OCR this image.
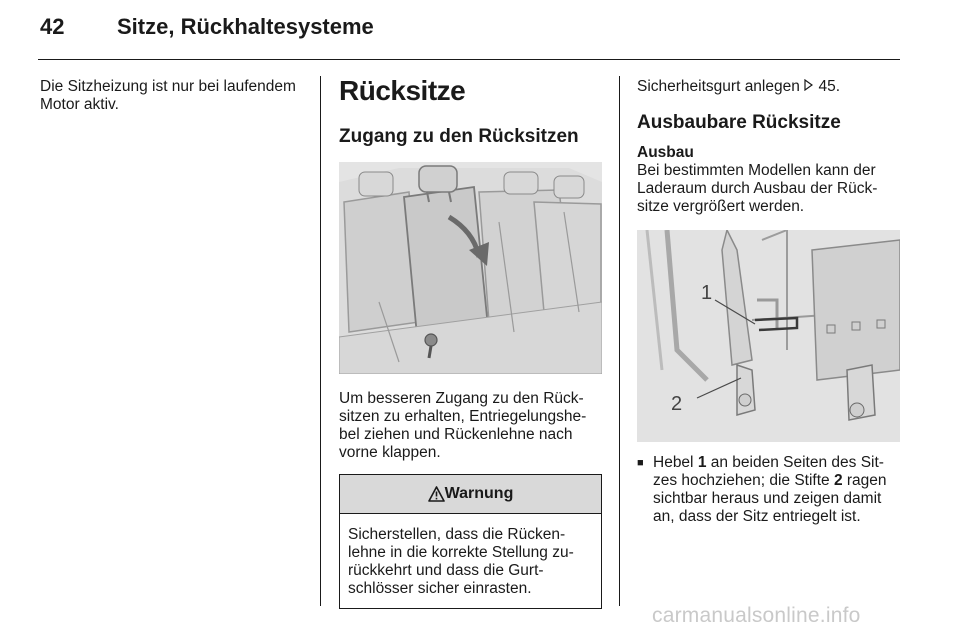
42 Sitze, Rückhaltesysteme
Die Sitzheizung ist nur bei laufendem
Motor aktiv.	Rücksitze
Zugang zu den Rücksitzen
Um besseren Zugang zu den Rück-
sitzen zu erhalten, Entriegelungshe-
bel ziehen und Rückenlehne nach
vorne klappen.
Warnung
Sicherstellen, dass die Rücken-
lehne in die korrekte Stellung zu-
rückkehrt und dass die Gurt-
schlösser sicher einrasten.
Sicherheitsgurt anlegen 45.
Ausbaubare Rücksitze
Ausbau
Bei bestimmten Modellen kann der
Laderaum durch Ausbau der Rück-
sitze vergrößert werden.
1
2
■ Hebel 1 an beiden Seiten des Sit-
zes hochziehen; die Stifte 2 ragen
sichtbar heraus und zeigen damit
an, dass der Sitz entriegelt ist.
carmanualsonline.info
